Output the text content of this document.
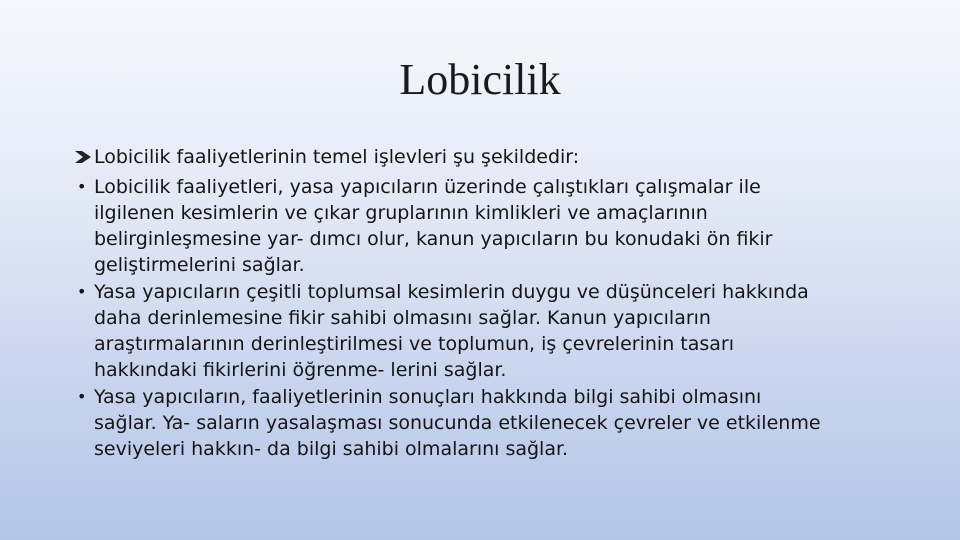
Lobicilik

Lobicilik faaliyetlerinin temel işlevleri şu şekildedir:

• Lobicilik faaliyetleri, yasa yapıcıların üzerinde çalıştıkları çalışmalar ile
ilgilenen kesimlerin ve çıkar gruplarının kimlikleri ve amaçlarının
belirginleşmesine yar- dımcı olur, kanun yapıcıların bu konudaki ön fikir
geliştirmelerini sağlar.
• Yasa yapıcıların çeşitli toplumsal kesimlerin duygu ve düşünceleri hakkında
daha derinlemesine fikir sahibi olmasını sağlar. Kanun yapıcıların
araştırmalarının derinleştirilmesi ve toplumun, iş çevrelerinin tasarı
hakkındaki fikirlerini öğrenme- lerini sağlar.
• Yasa yapıcıların, faaliyetlerinin sonuçları hakkında bilgi sahibi olmasını
sağlar. Ya- saların yasalaşması sonucunda etkilenecek çevreler ve etkilenme
seviyeleri hakkın- da bilgi sahibi olmalarını sağlar.
